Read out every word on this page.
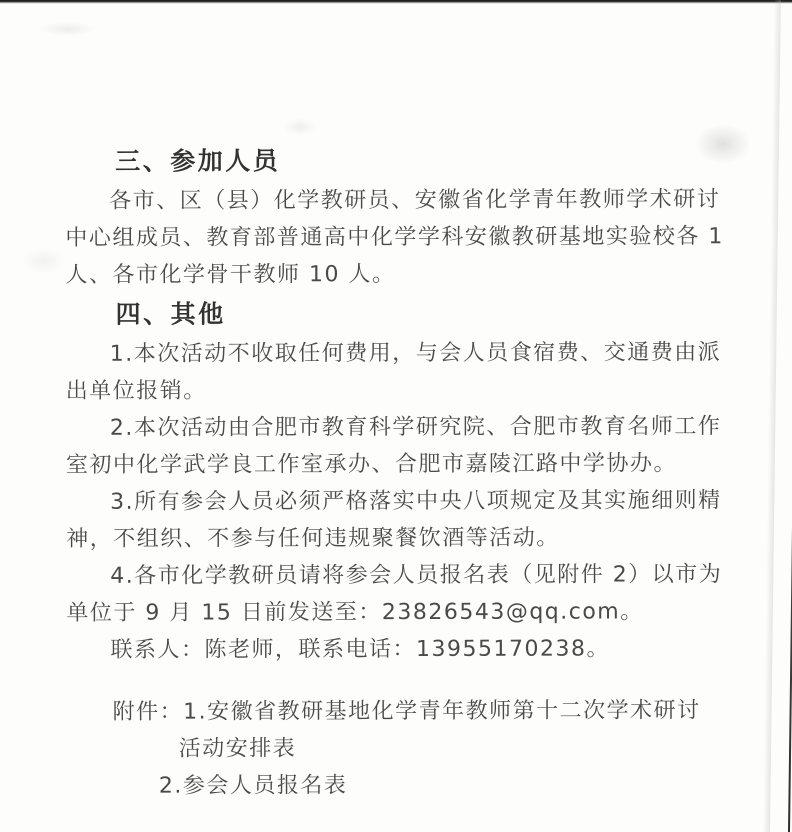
三、参加人员
各市、区（县）化学教研员、安徽省化学青年教师学术研讨
中心组成员、教育部普通高中化学学科安徽教研基地实验校各 1
人、各市化学骨干教师 10 人。
四、其他
1.本次活动不收取任何费用，与会人员食宿费、交通费由派
出单位报销。
2.本次活动由合肥市教育科学研究院、合肥市教育名师工作
室初中化学武学良工作室承办、合肥市嘉陵江路中学协办。
3.所有参会人员必须严格落实中央八项规定及其实施细则精
神，不组织、不参与任何违规聚餐饮酒等活动。
4.各市化学教研员请将参会人员报名表（见附件 2）以市为
单位于 9 月 15 日前发送至：23826543@qq.com。
联系人：陈老师，联系电话：13955170238。
附件：1.安徽省教研基地化学青年教师第十二次学术研讨
活动安排表
2.参会人员报名表
